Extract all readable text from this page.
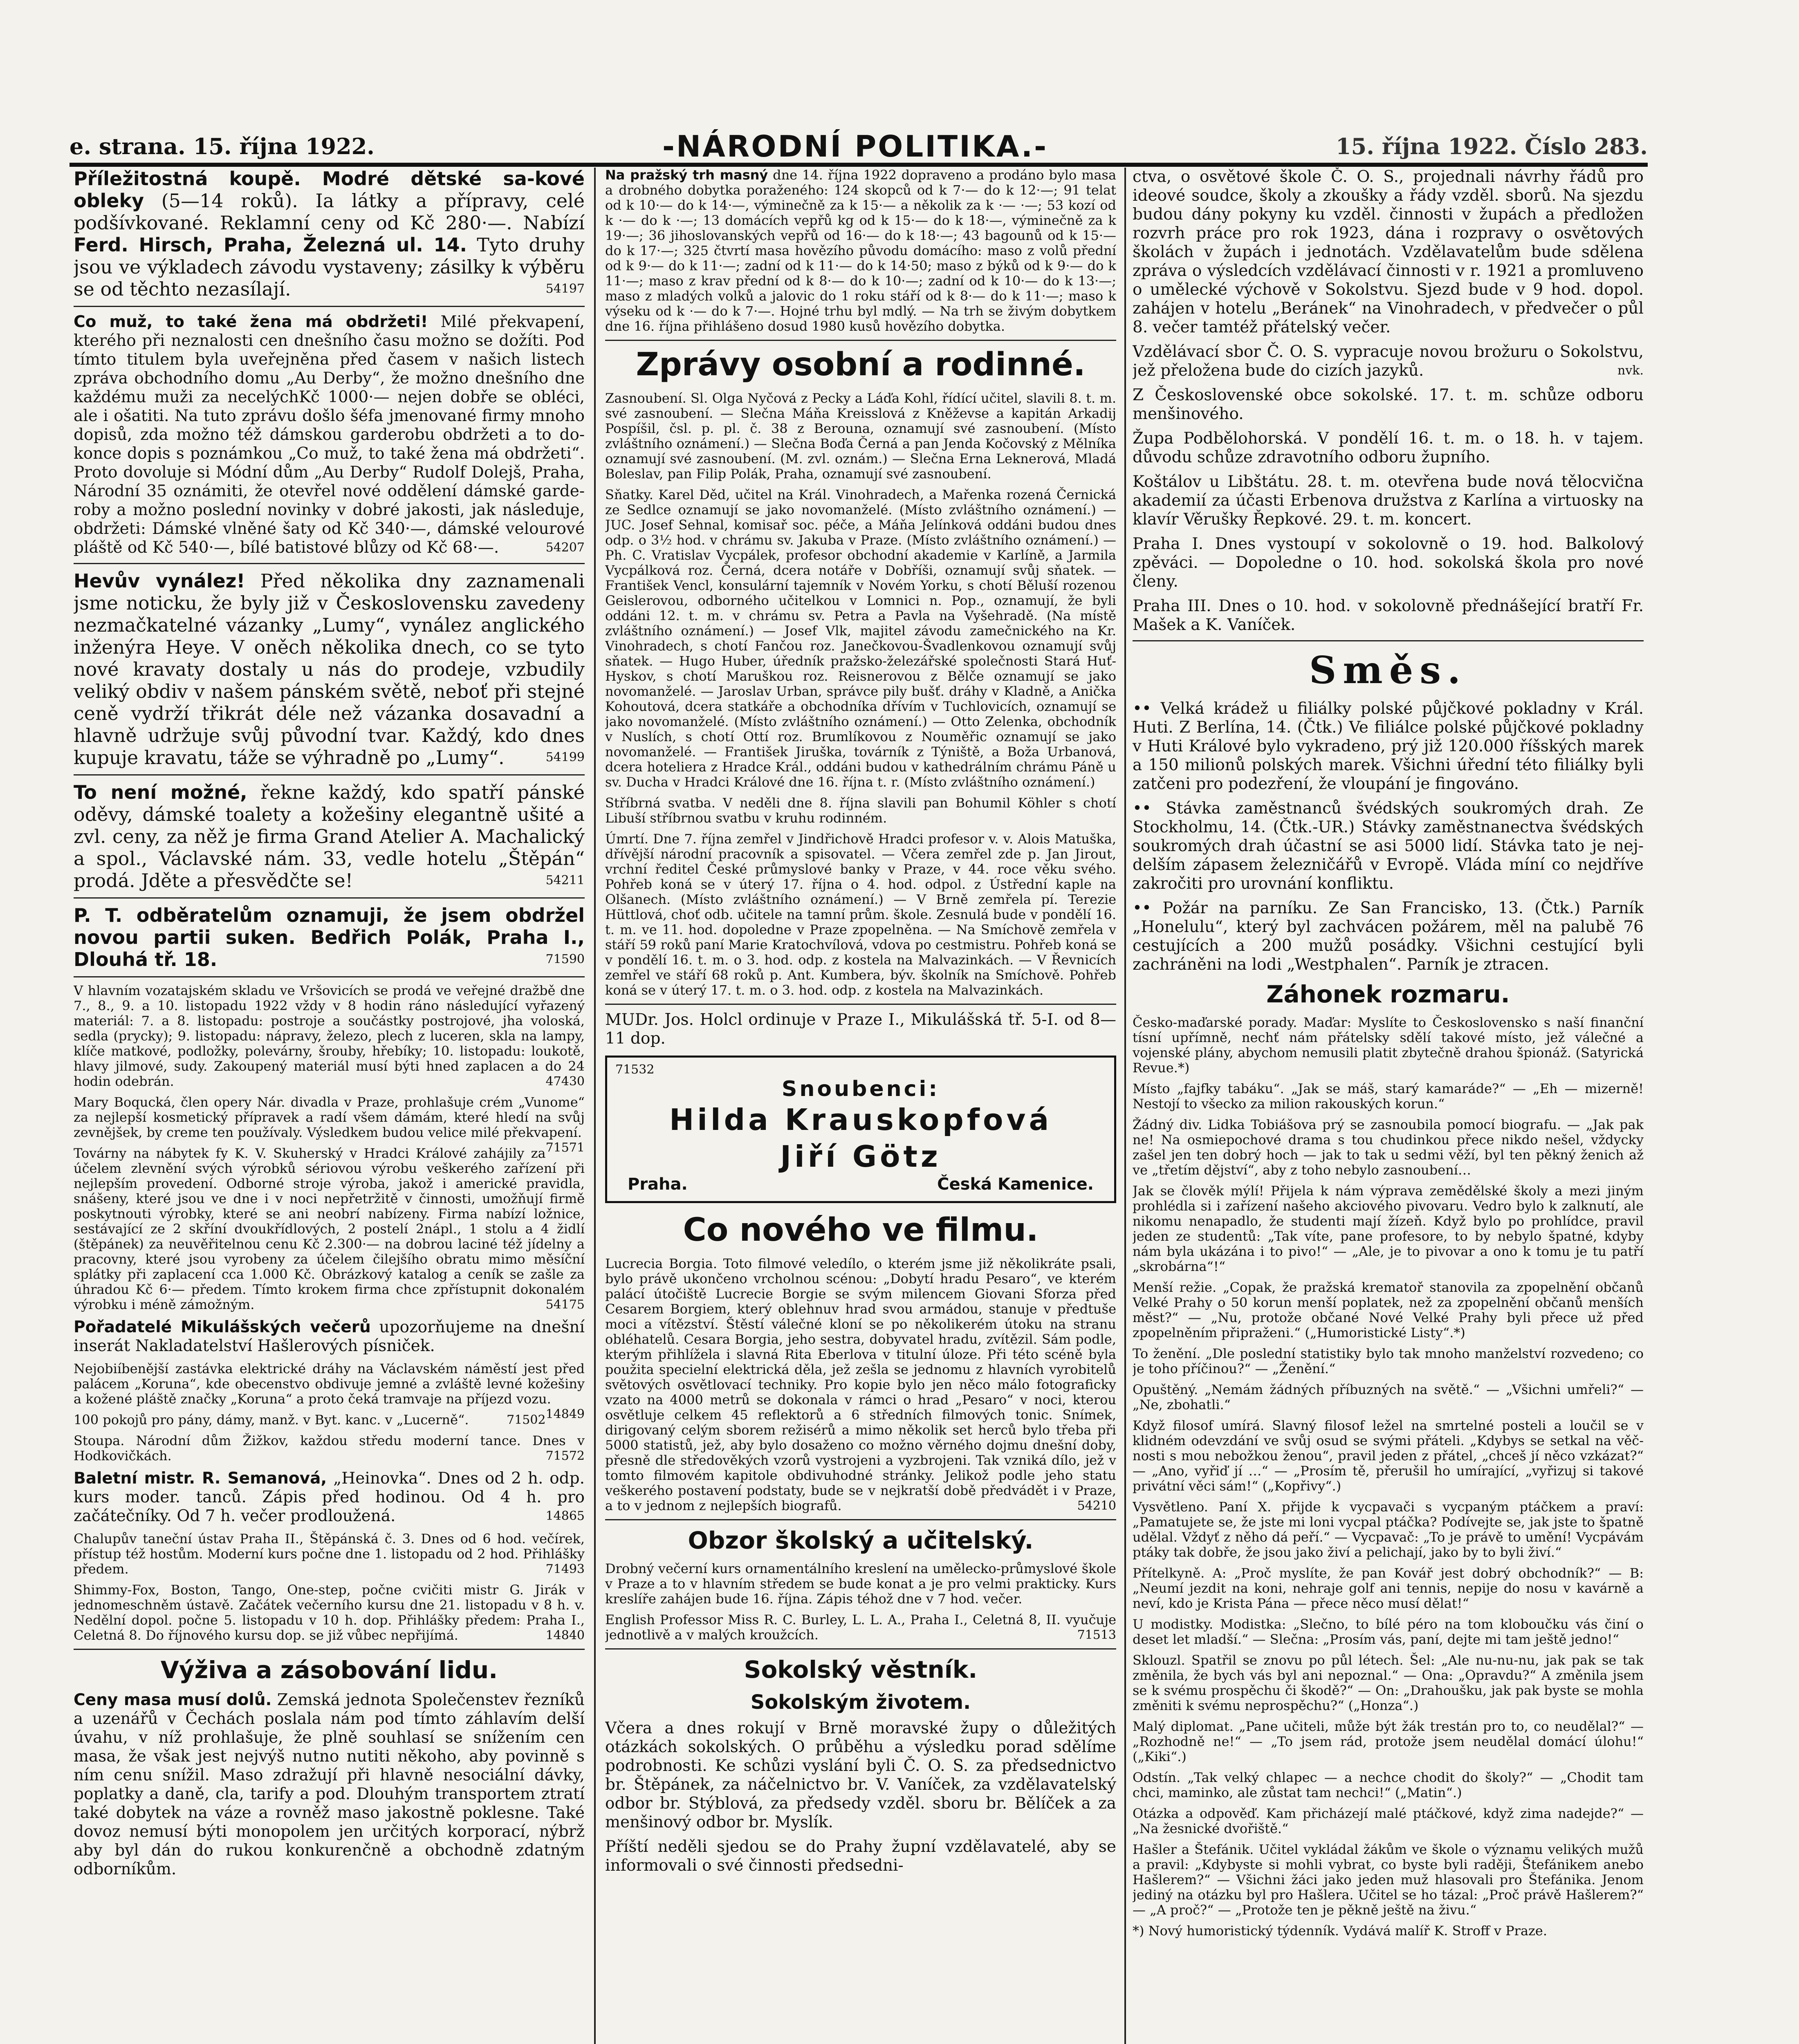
e. strana. 15. října 1922.	-NÁRODNÍ POLITIKA.-	15. října 1922. Číslo 283.

Příležitostná koupě. Modré dětské sa-kové obleky (5—14 roků). Ia látky a přípravy, celé podšívkované. Reklamní ceny od Kč 280·—. Nabízí Ferd. Hirsch, Praha, Železná ul. 14. Tyto druhy jsou ve výkladech závodu vystaveny; zásilky k výběru se od těchto nezasílají.	54197

Co muž, to také žena má obdržeti! Milé překvapení, kterého při neznalosti cen dnešního času možno se dožíti. Pod tímto titulem byla uveřejněna před časem v našich listech zpráva obchodního domu „Au Derby“, že možno dnešního dne každému muži za necelýchKč 1000·— nejen dobře se obléci, ale i ošatiti. Na tuto zprávu došlo šéfa jmenované firmy mnoho dopisů, zda možno též dámskou garderobu obdržeti a to dokonce dopis s poznámkou „Co muž, to také žena má obdržeti“. Proto dovoluje si Módní dům „Au Derby“ Rudolf Dolejš, Praha, Národní 35 oznámiti, že otevřel nové oddělení dámské garderoby a možno poslední novinky v dobré jakosti, jak následuje, obdržeti: Dámské vlněné šaty od Kč 340·—, dámské velourové pláště od Kč 540·—, bílé batistové blůzy od Kč 68·—.	54207

Hevův vynález! Před několika dny zaznamenali jsme noticku, že byly již v Československu zavedeny nezmačkatelné vázanky „Lumy“, vynález anglického inženýra Heye. V oněch několika dnech, co se tyto nové kravaty dostaly u nás do prodeje, vzbudily veliký obdiv v našem pánském světě, neboť při stejné ceně vydrží třikrát déle než vázanka dosavadní a hlavně udržuje svůj původní tvar. Každý, kdo dnes kupuje kravatu, táže se výhradně po „Lumy“.	54199

To není možné, řekne každý, kdo spatří pánské oděvy, dámské toalety a kožešiny elegantně ušité a zvl. ceny, za něž je firma Grand Atelier A. Machalický a spol., Václavské nám. 33, vedle hotelu „Štěpán“ prodá. Jděte a přesvědčte se!	54211

P. T. odběratelům oznamuji, že jsem obdržel novou partii suken. Bedřich Polák, Praha I., Dlouhá tř. 18.	71590

V hlavním vozatajském skladu ve Vršovicích se prodá ve veřejné dražbě dne 7., 8., 9. a 10. listopadu 1922 vždy v 8 hodin ráno následující vyřazený materiál: 7. a 8. listopadu: postroje a součástky postrojové, jha voloská, sedla (prycky); 9. listopadu: nápravy, železo, plech z luceren, skla na lampy, klíče matkové, podložky, polevárny, šrouby, hřebíky; 10. listopadu: loukotě, hlavy jilmové, sudy. Zakoupený materiál musí býti hned zaplacen a do 24 hodin odebrán.	47430

Mary Boqucká, člen opery Nár. divadla v Praze, prohlašuje crém „Vunome“ za nejlepší kosmetický přípravek a radí všem dámám, které hledí na svůj zevnějšek, by creme ten používaly. Výsledkem budou velice milé překvapení.
71571

Továrny na nábytek fy K. V. Skuherský v Hradci Králové zahájily za účelem zlevnění svých výrobků sériovou výrobu veškerého zařízení při nejlepším provedení. Odborné stroje výroba, jakož i americké pravidla, snášeny, které jsou ve dne i v noci nepřetržitě v činnosti, umožňují firmě poskytnouti výrobky, které se ani neobrí nabízeny. Firma nabízí ložnice, sestávající ze 2 skříní dvoukřídlových, 2 postelí 2nápl., 1 stolu a 4 židlí (štěpánek) za neuvěřitelnou cenu Kč 2.300·— na dobrou laciné též jídelny a pracovny, které jsou vyrobeny za účelem čilejšího obratu mimo měsíční splátky při zaplacení cca 1.000 Kč. Obrázkový katalog a ceník se zašle za úhradou Kč 6·— předem. Tímto krokem firma chce zpřístupnit dokonalém výrobku i méně zámožným.	54175

Pořadatelé Mikulášských večerů upozorňujeme na dnešní inserát Nakladatelství Hašlerových písniček.

Nejobiíbenější zastávka elektrické dráhy na Václavském náměstí jest před palácem „Koruna“, kde obecenstvo obdivuje jemné a zvláště levné kožešiny a kožené pláště značky „Koruna“ a proto čeká tramvaje na příjezd vozu.
14849

100 pokojů pro pány, dámy, manž. v Byt. kanc. v „Lucerně“.	71502

Stoupa. Národní dům Žižkov, každou středu moderní tance. Dnes v Hodkovičkách.	71572

Baletní mistr. R. Semanová, „Heinovka“. Dnes od 2 h. odp. kurs moder. tanců. Zápis před hodinou. Od 4 h. pro začátečníky. Od 7 h. večer prodloužená.	14865

Chalupův taneční ústav Praha II., Štěpánská č. 3. Dnes od 6 hod. večírek, přístup též hostům. Moderní kurs počne dne 1. listopadu od 2 hod. Přihlášky předem.	71493

Shimmy-Fox, Boston, Tango, One-step, počne cvičiti mistr G. Jirák v jednomeschněm ústavě. Začátek večerního kursu dne 21. listopadu v 8 h. v. Nedělní dopol. počne 5. listopadu v 10 h. dop. Přihlášky předem: Praha I., Celetná 8. Do říjnového kursu dop. se již vůbec nepřijímá.	14840

Výživa a zásobování lidu.

Ceny masa musí dolů. Zemská jednota Společenstev řezníků a uzenářů v Čechách poslala nám pod tímto záhlavím delší úvahu, v níž prohlašuje, že plně souhlasí se snížením cen masa, že však jest nejvýš nutno nutiti někoho, aby povinně s ním cenu snížil. Maso zdražují při hlavně nesociální dávky, poplatky a daně, cla, tarify a pod. Dlouhým transportem ztratí také dobytek na váze a rovněž maso jakostně poklesne. Také dovoz nemusí býti monopolem jen určitých korporací, nýbrž aby byl dán do rukou konkurenčně a obchodně zdatným odborníkům.

Na pražský trh masný dne 14. října 1922 dopraveno a prodáno bylo masa a drobného dobytka poraženého: 124 skopců od k 7·— do k 12·—; 91 telat od k 10·— do k 14·—, výminečně za k 15·— a několik za k ·— ·—; 53 kozí od k ·— do k ·—; 13 domácích vepřů kg od k 15·— do k 18·—, výminečně za k 19·—; 36 jihoslovanských vepřů od 16·— do k 18·—; 43 bagounů od k 15·— do k 17·—; 325 čtvrtí masa hovězího původu domácího: maso z volů přední od k 9·— do k 11·—; zadní od k 11·— do k 14·50; maso z býků od k 9·— do k 11·—; maso z krav přední od k 8·— do k 10·—; zadní od k 10·— do k 13·—; maso z mladých volků a jalovic do 1 roku stáří od k 8·— do k 11·—; maso k výseku od k ·— do k 7·—. Hojné trhu byl mdlý. — Na trh se živým dobytkem dne 16. října přihlášeno dosud 1980 kusů hovězího dobytka.

Zprávy osobní a rodinné.

Zasnoubení. Sl. Olga Nyčová z Pecky a Láďa Kohl, řídící učitel, slavili 8. t. m. své zasnoubení. — Slečna Máňa Kreisslová z Kněževse a kapitán Arkadij Pospíšil, čsl. p. pl. č. 38 z Berouna, oznamují své zasnoubení. (Místo zvláštního oznámení.) — Slečna Boďa Černá a pan Jenda Kočovský z Mělníka oznamují své zasnoubení. (M. zvl. oznám.) — Slečna Erna Leknerová, Mladá Boleslav, pan Filip Polák, Praha, oznamují své zasnoubení.

Sňatky. Karel Děd, učitel na Král. Vinohradech, a Mařenka rozená Černická ze Sedlce oznamují se jako novomanželé. (Místo zvláštního oznámení.) — JUC. Josef Sehnal, komisař soc. péče, a Máňa Jelínková oddáni budou dnes odp. o 3½ hod. v chrámu sv. Jakuba v Praze. (Místo zvláštního oznámení.) — Ph. C. Vratislav Vycpálek, profesor obchodní akademie v Karlíně, a Jarmila Vycpálková roz. Černá, dcera notáře v Dobříši, oznamují svůj sňatek. — František Vencl, konsulární tajemník v Novém Yorku, s chotí Běluší rozenou Geislerovou, odborného učitelkou v Lomnici n. Pop., oznamují, že byli oddáni 12. t. m. v chrámu sv. Petra a Pavla na Vyšehradě. (Na místě zvláštního oznámení.) — Josef Vlk, majitel závodu zamečnického na Kr. Vinohradech, s chotí Fančou roz. Janečkovou-Švadlenkovou oznamují svůj sňatek. — Hugo Huber, úředník pražsko-železářské společnosti Stará Huť-Hyskov, s chotí Maruškou roz. Reisnerovou z Bělče oznamují se jako novomanželé. — Jaroslav Urban, správce pily bušť. dráhy v Kladně, a Anička Kohoutová, dcera statkáře a obchodníka dřívím v Tuchlovicích, oznamují se jako novomanželé. (Místo zvláštního oznámení.) — Otto Zelenka, obchodník v Nuslích, s chotí Ottí roz. Brumlíkovou z Nouměřic oznamují se jako novomanželé. — František Jiruška, továrník z Týniště, a Boža Urbanová, dcera hoteliera z Hradce Král., oddáni budou v kathedrálním chrámu Páně u sv. Ducha v Hradci Králové dne 16. října t. r. (Místo zvláštního oznámení.)

Stříbrná svatba. V neděli dne 8. října slavili pan Bohumil Köhler s chotí Libuší stříbrnou svatbu v kruhu rodinném.

Úmrtí. Dne 7. října zemřel v Jindřichově Hradci profesor v. v. Alois Matuška, dřívější národní pracovník a spisovatel. — Včera zemřel zde p. Jan Jirout, vrchní ředitel České průmyslové banky v Praze, v 44. roce věku svého. Pohřeb koná se v úterý 17. října o 4. hod. odpol. z Ústřední kaple na Olšanech. (Místo zvláštního oznámení.) — V Brně zemřela pí. Terezie Hüttlová, choť odb. učitele na tamní prům. škole. Zesnulá bude v pondělí 16. t. m. ve 11. hod. dopoledne v Praze zpopelněna. — Na Smíchově zemřela v stáří 59 roků paní Marie Kratochvílová, vdova po cestmistru. Pohřeb koná se v pondělí 16. t. m. o 3. hod. odp. z kostela na Malvazinkách. — V Řevnicích zemřel ve stáří 68 roků p. Ant. Kumbera, býv. školník na Smíchově. Pohřeb koná se v úterý 17. t. m. o 3. hod. odp. z kostela na Malvazinkách.

MUDr. Jos. Holcl ordinuje v Praze I., Mikulášská tř. 5-I. od 8—11 dop.

71532
Snoubenci:
Hilda Krauskopfová
Jiří Götz
Praha.	Česká Kamenice.
Co nového ve filmu.

Lucrecia Borgia. Toto filmové veledílo, o kterém jsme již několikráte psali, bylo právě ukončeno vrcholnou scénou: „Dobytí hradu Pesaro“, ve kterém palácí útočiště Lucrecie Borgie se svým milencem Giovani Sforza před Cesarem Borgiem, který oblehnuv hrad svou armádou, stanuje v předtuše moci a vítězství. Štěstí válečné kloní se po několikerém útoku na stranu obléhatelů. Cesara Borgia, jeho sestra, dobyvatel hradu, zvítězil. Sám podle, kterým přihlížela i slavná Rita Eberlova v titulní úloze. Při této scéně byla použita specielní elektrická děla, jež zešla se jednomu z hlavních vyrobitelů světových osvětlovací techniky. Pro kopie bylo jen něco málo fotograficky vzato na 4000 metrů se dokonala v rámci o hrad „Pesaro“ v noci, kterou osvětluje celkem 45 reflektorů a 6 středních filmových tonic. Snímek, dirigovaný celým sborem režisérů a mimo několik set herců bylo třeba při 5000 statistů, jež, aby bylo dosaženo co možno věrného dojmu dnešní doby, přesně dle středověkých vzorů vystrojeni a vyzbrojeni. Tak vzniká dílo, jež v tomto filmovém kapitole obdivuhodné stránky. Jelikož podle jeho statu veškerého postavení podstaty, bude se v nejkratší době předvádět i v Praze, a to v jednom z nejlepších biografů.	54210

Obzor školský a učitelský.

Drobný večerní kurs ornamentálního kreslení na umělecko-průmyslové škole v Praze a to v hlavním středem se bude konat a je pro velmi prakticky. Kurs kreslíře zahájen bude 16. října. Zápis téhož dne v 7 hod. večer.

English Professor Miss R. C. Burley, L. L. A., Praha I., Celetná 8, II. vyučuje jednotlivě a v malých kroužcích.	71513

Sokolský věstník.
Sokolským životem.

Včera a dnes rokují v Brně moravské župy o důležitých otázkách sokolských. O průběhu a výsledku porad sdělíme podrobnosti. Ke schůzi vyslání byli Č. O. S. za předsednictvo br. Štěpánek, za náčelnictvo br. V. Vaníček, za vzdělavatelský odbor br. Stýblová, za předsedy vzděl. sboru br. Bělíček a za menšinový odbor br. Myslík.

Příští neděli sjedou se do Prahy župní vzdělavatelé, aby se informovali o své činnosti předsedni-

ctva, o osvětové škole Č. O. S., projednali návrhy řádů pro ideové soudce, školy a zkoušky a řády vzděl. sborů. Na sjezdu budou dány pokyny ku vzděl. činnosti v župách a předložen rozvrh práce pro rok 1923, dána i rozpravy o osvětových školách v župách i jednotách. Vzdělavatelům bude sdělena zpráva o výsledcích vzdělávací činnosti v r. 1921 a promluveno o umělecké výchově v Sokolstvu. Sjezd bude v 9 hod. dopol. zahájen v hotelu „Beránek“ na Vinohradech, v předvečer o půl 8. večer tamtéž přátelský večer.

Vzdělávací sbor Č. O. S. vypracuje novou brožuru o Sokolstvu, jež přeložena bude do cizích jazyků.	nvk.

Z Československé obce sokolské. 17. t. m. schůze odboru menšinového.

Župa Podbělohorská. V pondělí 16. t. m. o 18. h. v tajem. důvodu schůze zdravotního odboru župního.

Koštálov u Libštátu. 28. t. m. otevřena bude nová tělocvična akademií za účasti Erbenova družstva z Karlína a virtuosky na klavír Věrušky Řepkové. 29. t. m. koncert.

Praha I. Dnes vystoupí v sokolovně o 19. hod. Balkolový zpěváci. — Dopoledne o 10. hod. sokolská škola pro nové členy.

Praha III. Dnes o 10. hod. v sokolovně přednášející bratří Fr. Mašek a K. Vaníček.

Směs.

•• Velká krádež u filiálky polské půjčkové pokladny v Král. Huti. Z Berlína, 14. (Čtk.) Ve filiálce polské půjčkové pokladny v Huti Králové bylo vykradeno, prý již 120.000 říšských marek a 150 milionů polských marek. Všichni úřední této filiálky byli zatčeni pro podezření, že vloupání je fingováno.

•• Stávka zaměstnanců švédských soukromých drah. Ze Stockholmu, 14. (Čtk.-UR.) Stávky zaměstnanectva švédských soukromých drah účastní se asi 5000 lidí. Stávka tato je nejdelším zápasem železničářů v Evropě. Vláda míní co nejdříve zakročiti pro urovnání konfliktu.

•• Požár na parníku. Ze San Francisko, 13. (Čtk.) Parník „Honelulu“, který byl zachvácen požárem, měl na palubě 76 cestujících a 200 mužů posádky. Všichni cestující byli zachráněni na lodi „Westphalen“. Parník je ztracen.

Záhonek rozmaru.

Česko-maďarské porady. Maďar: Myslíte to Československo s naší finanční tísní upřímně, nechť nám přátelsky sdělí takové místo, jež válečné a vojenské plány, abychom nemusili platit zbytečně drahou špionáž. (Satyrická Revue.*)

Místo „fajfky tabáku“. „Jak se máš, starý kamaráde?“ — „Eh — mizerně! Nestojí to všecko za milion rakouských korun.“

Žádný div. Lidka Tobiášova prý se zasnoubila pomocí biografu. — „Jak pak ne! Na osmiepochové drama s tou chudinkou přece nikdo nešel, vždycky zašel jen ten dobrý hoch — jak to tak u sedmi věží, byl ten pěkný ženich až ve „třetím dějství“, aby z toho nebylo zasnoubení…

Jak se člověk mýlí! Přijela k nám výprava zemědělské školy a mezi jiným prohlédla si i zařízení našeho akciového pivovaru. Vedro bylo k zalknutí, ale nikomu nenapadlo, že studenti mají žízeň. Když bylo po prohlídce, pravil jeden ze studentů: „Tak víte, pane profesore, to by nebylo špatné, kdyby nám byla ukázána i to pivo!“ — „Ale, je to pivovar a ono k tomu je tu patří „skrobárna“!“

Menší režie. „Copak, že pražská krematoř stanovila za zpopelnění občanů Velké Prahy o 50 korun menší poplatek, než za zpopelnění občanů menších měst?“ — „Nu, protože občané Nové Velké Prahy byli přece už před zpopelněním připraženi.“ („Humoristické Listy“.*)

To ženění. „Dle poslední statistiky bylo tak mnoho manželství rozvedeno; co je toho příčinou?“ — „Ženění.“

Opuštěný. „Nemám žádných příbuzných na světě.“ — „Všichni umřeli?“ — „Ne, zbohatli.“

Když filosof umírá. Slavný filosof ležel na smrtelné posteli a loučil se v klidném odevzdání ve svůj osud se svými přáteli. „Kdybys se setkal na věčnosti s mou nebožkou ženou“, pravil jeden z přátel, „chceš jí něco vzkázat?“ — „Ano, vyřiď jí …“ — „Prosím tě, přerušil ho umírající, „vyřizuj si takové privátní věci sám!“ („Kopřivy“.)

Vysvětleno. Paní X. přijde k vycpavači s vycpaným ptáčkem a praví: „Pamatujete se, že jste mi loni vycpal ptáčka? Podívejte se, jak jste to špatně udělal. Vždyť z něho dá peří.“ — Vycpavač: „To je právě to umění! Vycpávám ptáky tak dobře, že jsou jako živí a pelichají, jako by to byli živí.“

Přítelkyně. A: „Proč myslíte, že pan Kovář jest dobrý obchodník?“ — B: „Neumí jezdit na koni, nehraje golf ani tennis, nepije do nosu v kavárně a neví, kdo je Krista Pána — přece něco musí dělat!“

U modistky. Modistka: „Slečno, to bílé péro na tom kloboučku vás činí o deset let mladší.“ — Slečna: „Prosím vás, paní, dejte mi tam ještě jedno!“

Sklouzl. Spatřil se znovu po půl létech. Šel: „Ale nu-nu-nu, jak pak se tak změnila, že bych vás byl ani nepoznal.“ — Ona: „Opravdu?“ A změnila jsem se k svému prospěchu či škodě?“ — On: „Drahoušku, jak pak byste se mohla změniti k svému neprospěchu?“ („Honza“.)

Malý diplomat. „Pane učiteli, může být žák trestán pro to, co neudělal?“ — „Rozhodně ne!“ — „To jsem rád, protože jsem neudělal domácí úlohu!“ („Kiki“.)

Odstín. „Tak velký chlapec — a nechce chodit do školy?“ — „Chodit tam chci, maminko, ale zůstat tam nechci!“ („Matin“.)

Otázka a odpověď. Kam přicházejí malé ptáčkové, když zima nadejde?“ — „Na žesnické dvořiště.“

Hašler a Štefánik. Učitel vykládal žákům ve škole o významu velikých mužů a pravil: „Kdybyste si mohli vybrat, co byste byli raději, Štefánikem anebo Hašlerem?“ — Všichni žáci jako jeden muž hlasovali pro Štefánika. Jenom jediný na otázku byl pro Hašlera. Učitel se ho tázal: „Proč právě Hašlerem?“ — „A proč?“ — „Protože ten je pěkně ještě na živu.“

*) Nový humoristický týdenník. Vydává malíř K. Stroff v Praze.
